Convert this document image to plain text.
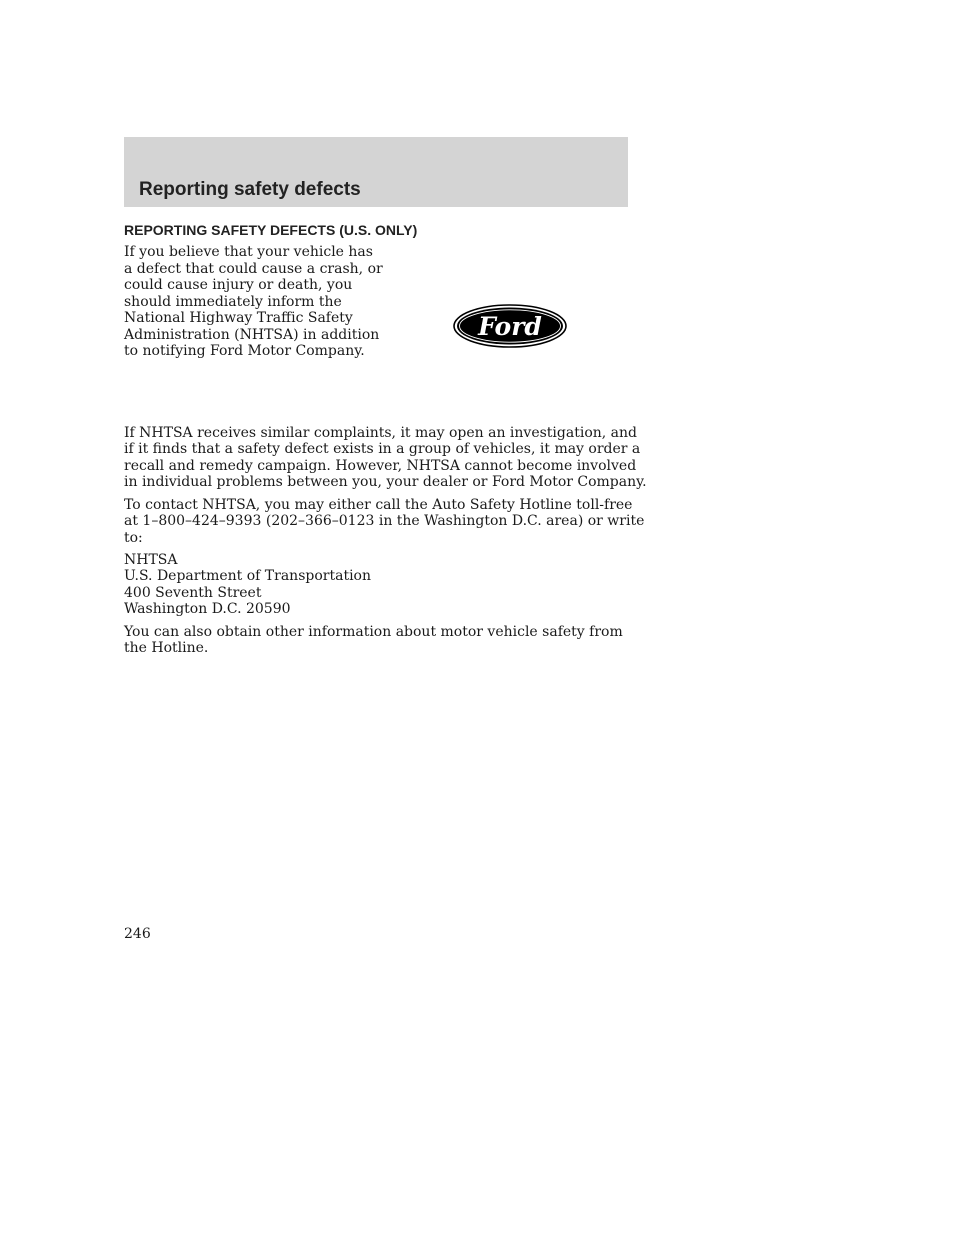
Reporting safety defects
REPORTING SAFETY DEFECTS (U.S. ONLY)

If you believe that your vehicle has
a defect that could cause a crash, or
could cause injury or death, you
should immediately inform the
National Highway Traffic Safety
Administration (NHTSA) in addition
to notifying Ford Motor Company.

Ford

If NHTSA receives similar complaints, it may open an investigation, and
if it finds that a safety defect exists in a group of vehicles, it may order a
recall and remedy campaign. However, NHTSA cannot become involved
in individual problems between you, your dealer or Ford Motor Company.

To contact NHTSA, you may either call the Auto Safety Hotline toll-free
at 1–800–424–9393 (202–366–0123 in the Washington D.C. area) or write
to:

NHTSA
U.S. Department of Transportation
400 Seventh Street
Washington D.C. 20590

You can also obtain other information about motor vehicle safety from
the Hotline.

246
